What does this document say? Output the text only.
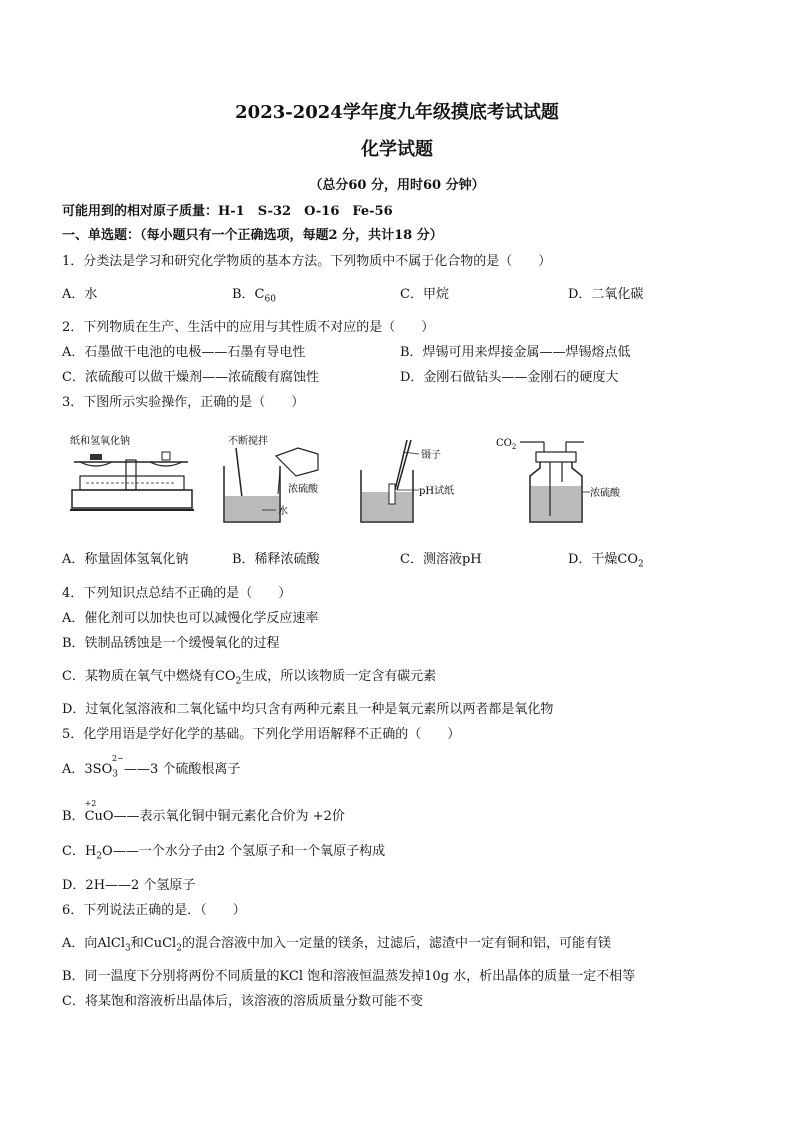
2023-2024学年度九年级摸底考试试题
化学试题
（总分60 分，用时60 分钟）
可能用到的相对原子质量：H-1　S-32　O-16　Fe-56
一、单选题：（每小题只有一个正确选项，每题2 分，共计18 分）
1．分类法是学习和研究化学物质的基本方法。下列物质中不属于化合物的是（　　）
A．水	B．$C_{60}$	C．甲烷	D．二氧化碳
2．下列物质在生产、生活中的应用与其性质不对应的是（　　）
A．石墨做干电池的电极——石墨有导电性	B．焊锡可用来焊接金属——焊锡熔点低
C．浓硫酸可以做干燥剂——浓硫酸有腐蚀性	D．金刚石做钻头——金刚石的硬度大
3．下图所示实验操作，正确的是（　　）
纸和氢氧化钠	不断搅拌
浓硫酸
水
镊子
pH试纸
$CO_2$
浓硫酸
A．称量固体氢氧化钠	B．稀释浓硫酸	C．测溶液pH	D．干燥$CO_2$
4．下列知识点总结不正确的是（　　）
A．催化剂可以加快也可以减慢化学反应速率
B．铁制品锈蚀是一个缓慢氧化的过程
C．某物质在氧气中燃烧有$CO_2$生成，所以该物质一定含有碳元素
D．过氧化氢溶液和二氧化锰中均只含有两种元素且一种是氧元素所以两者都是氧化物
5．化学用语是学好化学的基础。下列化学用语解释不正确的（　　）
A．$3SO_3$
2−
——3 个硫酸根离子
B．
+2
CuO——表示氧化铜中铜元素化合价为 +2价
C．$H_2O——$一个水分子由2 个氢原子和一个氧原子构成
D．2H——2 个氢原子
6．下列说法正确的是．（　　）
A．向AlCl$_3$和CuCl$_2$的混合溶液中加入一定量的镁条，过滤后，滤渣中一定有铜和铝，可能有镁
B．同一温度下分别将两份不同质量的KCl 饱和溶液恒温蒸发掉10g 水，析出晶体的质量一定不相等
C．将某饱和溶液析出晶体后，该溶液的溶质质量分数可能不变
